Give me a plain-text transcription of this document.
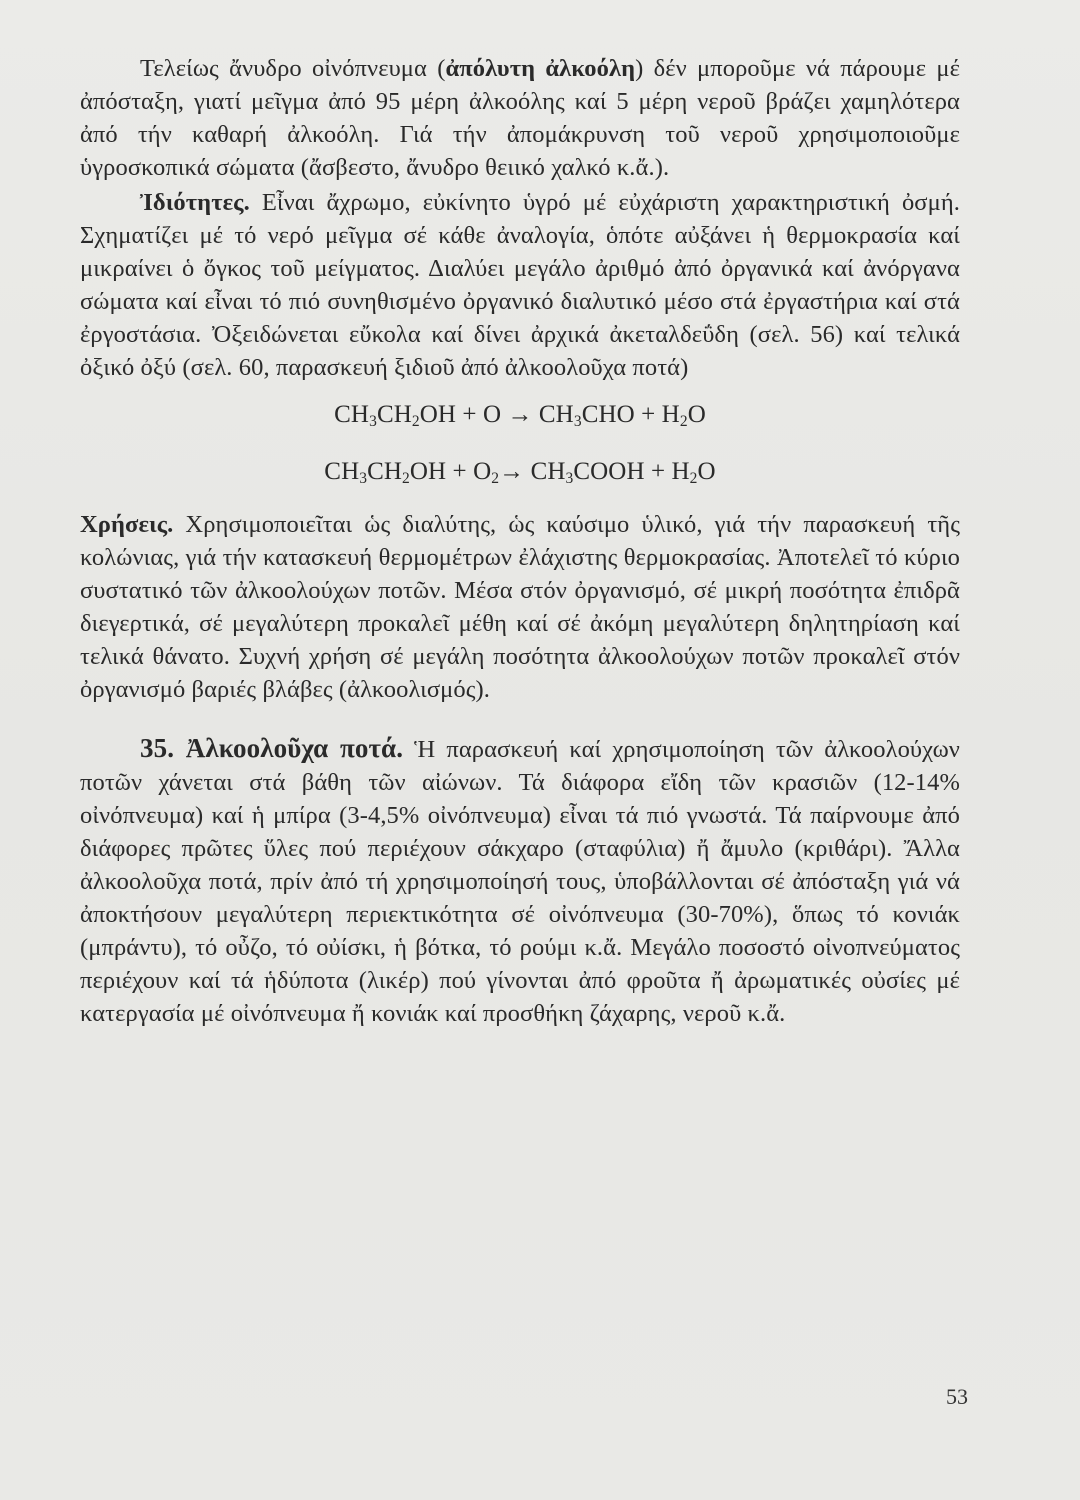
Τελείως ἄνυδρο οἰνόπνευμα (ἀπόλυτη ἀλκοόλη) δέν μποροῦμε νά πάρουμε μέ ἀπόσταξη, γιατί μεῖγμα ἀπό 95 μέρη ἀλκοόλης καί 5 μέρη νεροῦ βράζει χαμηλότερα ἀπό τήν καθαρή ἀλκοόλη. Γιά τήν ἀπομάκρυνση τοῦ νεροῦ χρησιμοποιοῦμε ὑγροσκοπικά σώματα (ἄσβεστο, ἄνυδρο θειικό χαλκό κ.ἄ.).

Ἰδιότητες. Εἶναι ἄχρωμο, εὐκίνητο ὑγρό μέ εὐχάριστη χαρακτηριστική ὀσμή. Σχηματίζει μέ τό νερό μεῖγμα σέ κάθε ἀναλογία, ὁπότε αὐξάνει ἡ θερμοκρασία καί μικραίνει ὁ ὄγκος τοῦ μείγματος. Διαλύει μεγάλο ἀριθμό ἀπό ὀργανικά καί ἀνόργανα σώματα καί εἶναι τό πιό συνηθισμένο ὀργανικό διαλυτικό μέσο στά ἐργαστήρια καί στά ἐργοστάσια. Ὀξειδώνεται εὔκολα καί δίνει ἀρχικά ἀκεταλδεΰδη (σελ. 56) καί τελικά ὀξικό ὀξύ (σελ. 60, παρασκευή ξιδιοῦ ἀπό ἀλκοολοῦχα ποτά)

$CH_3CH_2OH + O \to CH_3CHO + H_2O$
$CH_3CH_2OH + O_2\to$ $CH_3COOH + H_2O$

Χρήσεις. Χρησιμοποιεῖται ὡς διαλύτης, ὡς καύσιμο ὑλικό, γιά τήν παρασκευή τῆς κολώνιας, γιά τήν κατασκευή θερμομέτρων ἐλάχιστης θερμοκρασίας. Ἀποτελεῖ τό κύριο συστατικό τῶν ἀλκοολούχων ποτῶν. Μέσα στόν ὀργανισμό, σέ μικρή ποσότητα ἐπιδρᾶ διεγερτικά, σέ μεγαλύτερη προκαλεῖ μέθη καί σέ ἀκόμη μεγαλύτερη δηλητηρίαση καί τελικά θάνατο. Συχνή χρήση σέ μεγάλη ποσότητα ἀλκοολούχων ποτῶν προκαλεῖ στόν ὀργανισμό βαριές βλάβες (ἀλκοολισμός).

35. Ἀλκοολοῦχα ποτά. Ἡ παρασκευή καί χρησιμοποίηση τῶν ἀλκοολούχων ποτῶν χάνεται στά βάθη τῶν αἰώνων. Τά διάφορα εἴδη τῶν κρασιῶν (12-14% οἰνόπνευμα) καί ἡ μπίρα (3-4,5% οἰνόπνευμα) εἶναι τά πιό γνωστά. Τά παίρνουμε ἀπό διάφορες πρῶτες ὕλες πού περιέχουν σάκχαρο (σταφύλια) ἤ ἄμυλο (κριθάρι). Ἄλλα ἀλκοολοῦχα ποτά, πρίν ἀπό τή χρησιμοποίησή τους, ὑποβάλλονται σέ ἀπόσταξη γιά νά ἀποκτήσουν μεγαλύτερη περιεκτικότητα σέ οἰνόπνευμα (30-70%), ὅπως τό κονιάκ (μπράντυ), τό οὖζο, τό οὐίσκι, ἡ βότκα, τό ρούμι κ.ἄ. Μεγάλο ποσοστό οἰνοπνεύματος περιέχουν καί τά ἡδύποτα (λικέρ) πού γίνονται ἀπό φροῦτα ἤ ἀρωματικές οὐσίες μέ κατεργασία μέ οἰνόπνευμα ἤ κονιάκ καί προσθήκη ζάχαρης, νεροῦ κ.ἄ.

53
